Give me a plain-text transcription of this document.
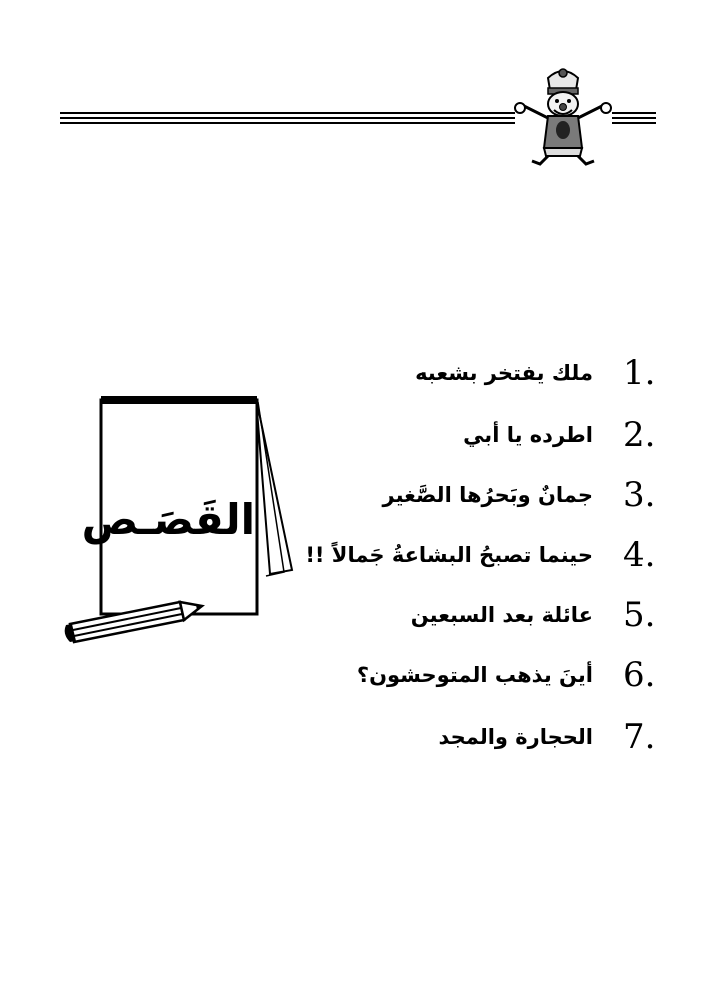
القَصَـص
1.
ملك يفتخر بشعبه
2.
اطرده يا أبي
3.
جمانٌ وبَحرُها الصَّغير
4.
حينما تصبحُ البشاعةُ جَمالاً !!
5.
عائلة بعد السبعين
6.
أينَ يذهب المتوحشون؟
7.
الحجارة والمجد
